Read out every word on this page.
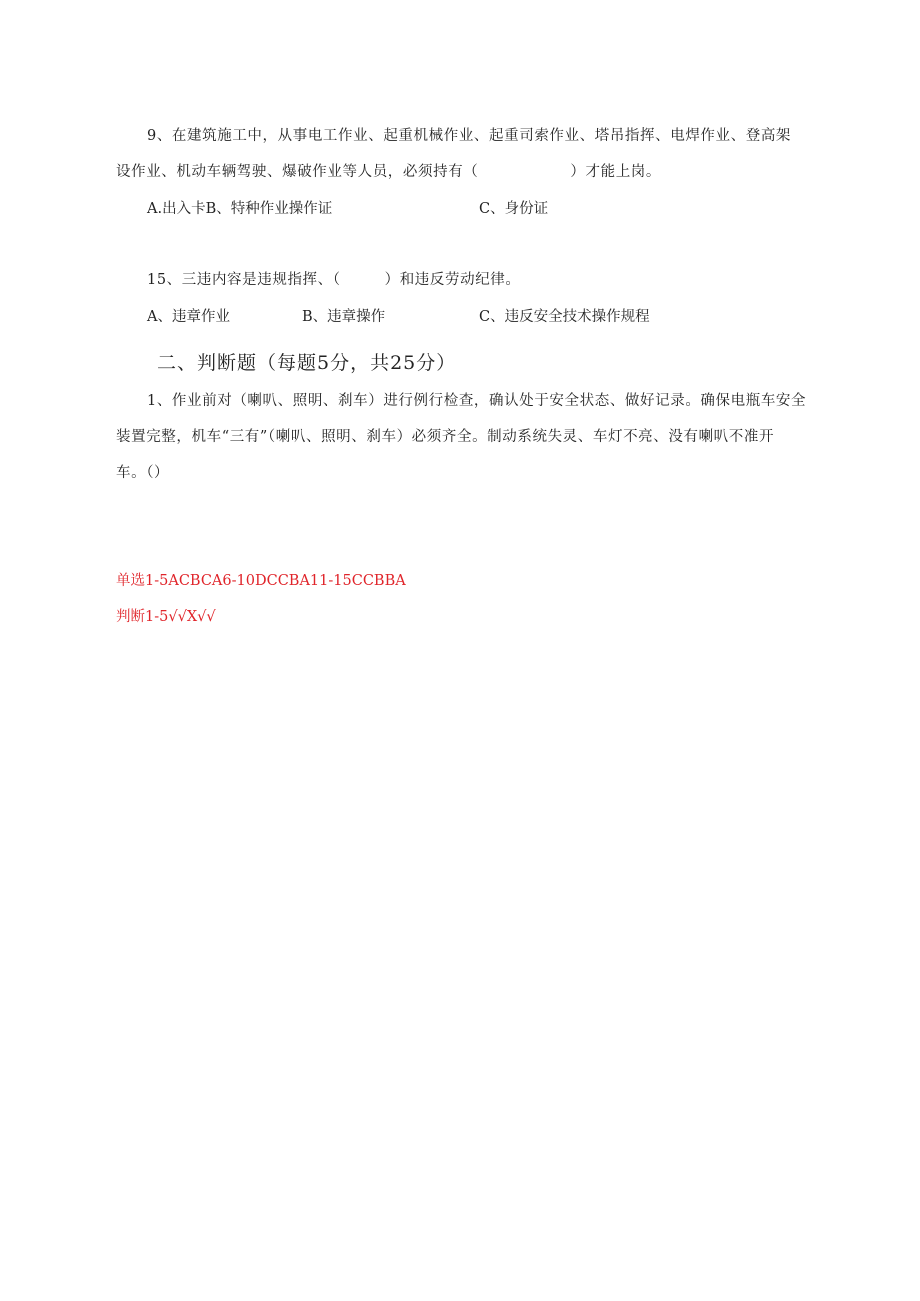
9、在建筑施工中，从事电工作业、起重机械作业、起重司索作业、塔吊指挥、电焊作业、登高架
设作业、机动车辆驾驶、爆破作业等人员，必须持有（	）才能上岗。
A.出入卡B、特种作业操作证	C、身份证
15、三违内容是违规指挥、（	）和违反劳动纪律。
A、违章作业	B、违章操作	C、违反安全技术操作规程
二、判断题（每题5分，共25分）
1、作业前对（喇叭、照明、刹车）进行例行检查，确认处于安全状态、做好记录。确保电瓶车安全
装置完整，机车“三有”（喇叭、照明、刹车）必须齐全。制动系统失灵、车灯不亮、没有喇叭不准开
车。（）
单选1-5ACBCA6-10DCCBA11-15CCBBA
判断1-5√√X√√
